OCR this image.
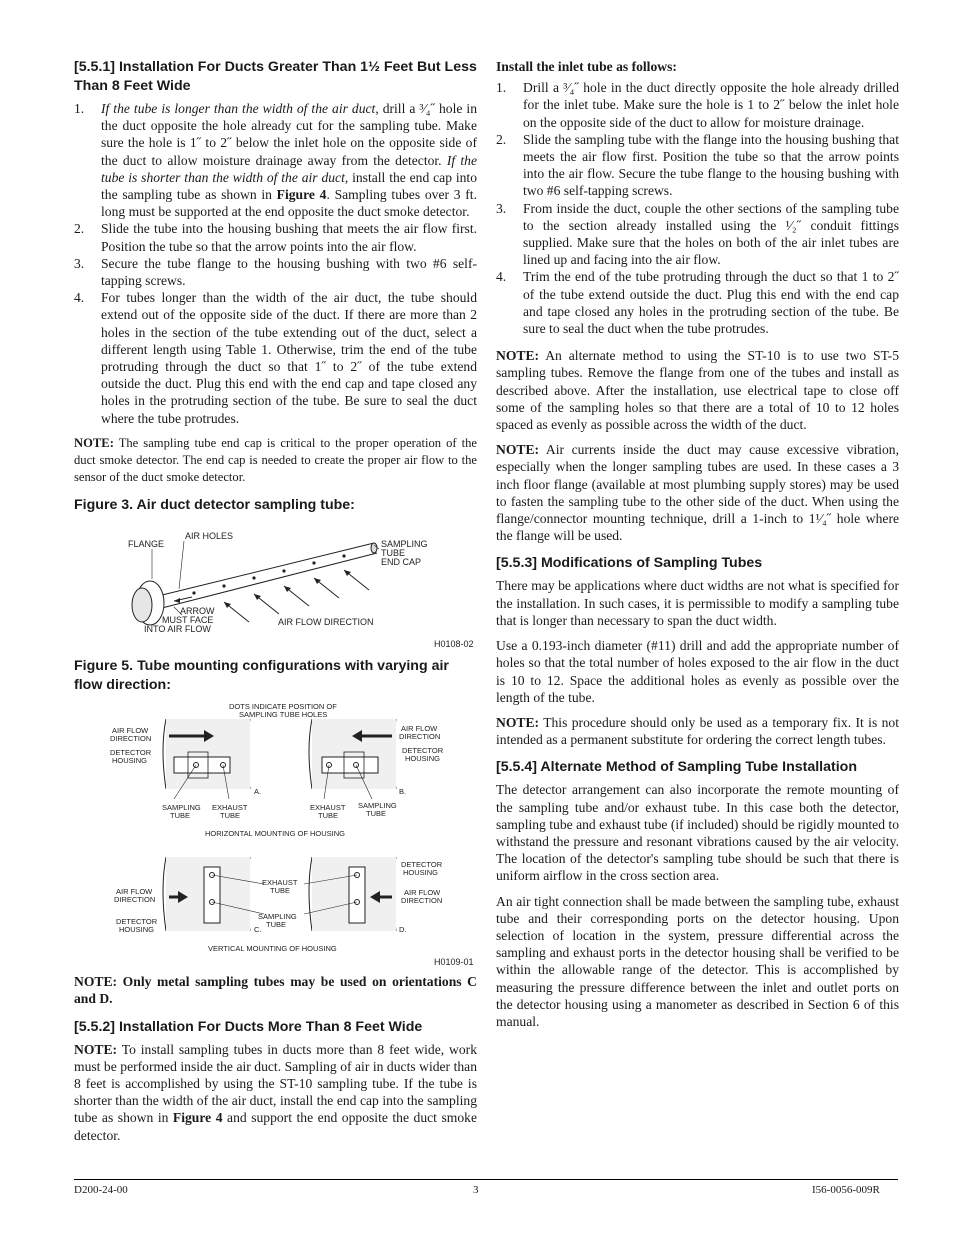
[5.5.1] Installation For Ducts Greater Than 1½ Feet But Less Than 8 Feet Wide
1. If the tube is longer than the width of the air duct, drill a ³⁄₄˝ hole in the duct opposite the hole already cut for the sampling tube. Make sure the hole is 1˝ to 2˝ below the inlet hole on the opposite side of the duct to allow moisture drainage away from the detector. If the tube is shorter than the width of the air duct, install the end cap into the sampling tube as shown in Figure 4. Sampling tubes over 3 ft. long must be supported at the end opposite the duct smoke detector.
2. Slide the tube into the housing bushing that meets the air flow first. Position the tube so that the arrow points into the air flow.
3. Secure the tube flange to the housing bushing with two #6 self-tapping screws.
4. For tubes longer than the width of the air duct, the tube should extend out of the opposite side of the duct. If there are more than 2 holes in the section of the tube extending out of the duct, select a different length using Table 1. Otherwise, trim the end of the tube protruding through the duct so that 1˝ to 2˝ of the tube extend outside the duct. Plug this end with the end cap and tape closed any holes in the protruding section of the tube. Be sure to seal the duct where the tube protrudes.

NOTE: The sampling tube end cap is critical to the proper operation of the duct smoke detector. The end cap is needed to create the proper air flow to the sensor of the duct smoke detector.

Figure 3. Air duct detector sampling tube:
FLANGE
AIR HOLES
SAMPLING
TUBE
END CAP
ARROW
MUST FACE
INTO AIR FLOW
AIR FLOW DIRECTION
H0108-02
Figure 5. Tube mounting configurations with varying air flow direction:
DOTS INDICATE POSITION OF
SAMPLING TUBE HOLES
AIR FLOW
DIRECTION
DETECTOR
HOUSING
A.
SAMPLING
TUBE
EXHAUST
TUBE
AIR FLOW
DIRECTION
DETECTOR
HOUSING
B.
EXHAUST
TUBE
SAMPLING
TUBE
HORIZONTAL MOUNTING OF HOUSING
AIR FLOW
DIRECTION
DETECTOR
HOUSING	C.
EXHAUST
TUBE
SAMPLING
TUBE
DETECTOR
HOUSING
AIR FLOW
DIRECTION
D.
VERTICAL MOUNTING OF HOUSING
H0109-01

NOTE: Only metal sampling tubes may be used on orientations C and D.

[5.5.2] Installation For Ducts More Than 8 Feet Wide

NOTE: To install sampling tubes in ducts more than 8 feet wide, work must be performed inside the air duct. Sampling of air in ducts wider than 8 feet is accomplished by using the ST-10 sampling tube. If the tube is shorter than the width of the air duct, install the end cap into the sampling tube as shown in Figure 4 and support the end opposite the duct smoke detector.

Install the inlet tube as follows:

1. Drill a ³⁄₄˝ hole in the duct directly opposite the hole already drilled for the inlet tube. Make sure the hole is 1 to 2˝ below the inlet hole on the opposite side of the duct to allow for moisture drainage.
2. Slide the sampling tube with the flange into the housing bushing that meets the air flow first. Position the tube so that the arrow points into the air flow. Secure the tube flange to the housing bushing with two #6 self-tapping screws.
3. From inside the duct, couple the other sections of the sampling tube to the section already installed using the ¹⁄₂˝ conduit fittings supplied. Make sure that the holes on both of the air inlet tubes are lined up and facing into the air flow.
4. Trim the end of the tube protruding through the duct so that 1 to 2˝ of the tube extend outside the duct. Plug this end with the end cap and tape closed any holes in the protruding section of the tube. Be sure to seal the duct when the tube protrudes.

NOTE: An alternate method to using the ST-10 is to use two ST-5 sampling tubes. Remove the flange from one of the tubes and install as described above. After the installation, use electrical tape to close off some of the sampling holes so that there are a total of 10 to 12 holes spaced as evenly as possible across the width of the duct.

NOTE: Air currents inside the duct may cause excessive vibration, especially when the longer sampling tubes are used. In these cases a 3 inch floor flange (available at most plumbing supply stores) may be used to fasten the sampling tube to the other side of the duct. When using the flange/connector mounting technique, drill a 1-inch to 1¹⁄₄˝ hole where the flange will be used.

[5.5.3] Modifications of Sampling Tubes

There may be applications where duct widths are not what is specified for the installation. In such cases, it is permissible to modify a sampling tube that is longer than necessary to span the duct width.

Use a 0.193-inch diameter (#11) drill and add the appropriate number of holes so that the total number of holes exposed to the air flow in the duct is 10 to 12. Space the additional holes as evenly as possible over the length of the tube.

NOTE: This procedure should only be used as a temporary fix. It is not intended as a permanent substitute for ordering the correct length tubes.

[5.5.4] Alternate Method of Sampling Tube Installation

The detector arrangement can also incorporate the remote mounting of the sampling tube and/or exhaust tube. In this case both the detector, sampling tube and exhaust tube (if included) should be rigidly mounted to withstand the pressure and resonant vibrations caused by the air velocity. The location of the detector's sampling tube should be such that there is uniform airflow in the cross section area.

An air tight connection shall be made between the sampling tube, exhaust tube and their corresponding ports on the detector housing. Upon selection of location in the system, pressure differential across the sampling and exhaust ports in the detector housing shall be verified to be within the allowable range of the detector. This is accomplished by measuring the pressure difference between the inlet and outlet ports on the detector housing using a manometer as described in Section 6 of this manual.

D200-24-00	3	I56-0056-009R
